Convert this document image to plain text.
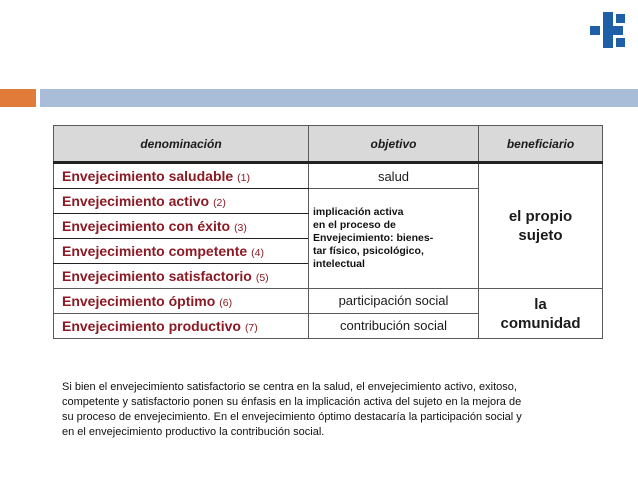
denominación	objetivo	beneficiario
Envejecimiento saludable (1)	salud	el propio
sujeto

Envejecimiento activo (2)	implicación activa
en el proceso de
Envejecimiento: bienes-
tar físico, psicológico,
intelectual	

Envejecimiento con éxito (3)		
Envejecimiento competente (4)		
Envejecimiento satisfactorio (5)		
Envejecimiento óptimo (6)	participación social	la
comunidad

Envejecimiento productivo (7)	contribución social	
Si bien el envejecimiento satisfactorio se centra en la salud, el envejecimiento activo, exitoso,
competente y satisfactorio ponen su énfasis en la implicación activa del sujeto en la mejora de
su proceso de envejecimiento. En el envejecimiento óptimo destacaría la participación social y
en el envejecimiento productivo la contribución social.
